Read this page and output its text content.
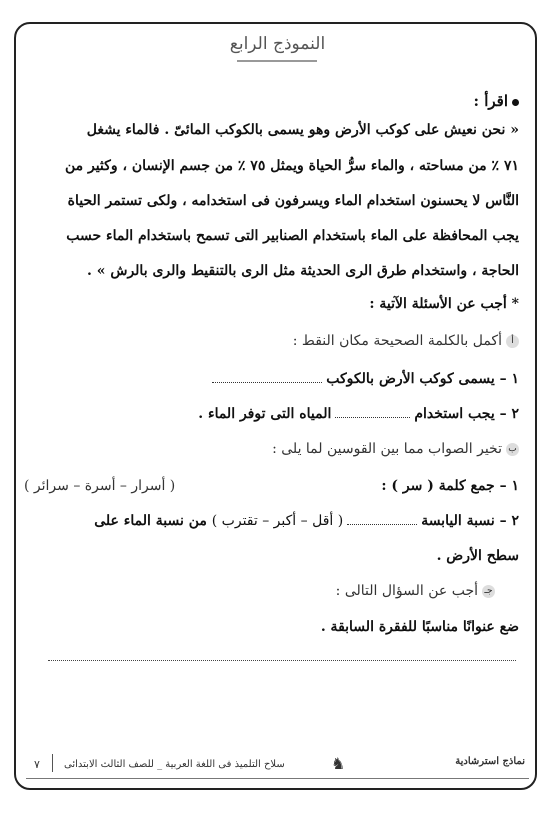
النموذج الرابع
اقرأ :
« نحن نعيش على كوكب الأرض وهو يسمى بالكوكب المائىّ . فالماء يشغل
٧١ ٪ من مساحته ، والماء سرُّ الحياة ويمثل ٧٥ ٪ من جسم الإنسان ، وكثير من
النَّاس لا يحسنون استخدام الماء ويسرفون فى استخدامه ، ولكى تستمر الحياة
يجب المحافظة على الماء باستخدام الصنابير التى تسمح باستخدام الماء حسب
الحاجة ، واستخدام طرق الرى الحديثة مثل الرى بالتنقيط والرى بالرش » .
* أجب عن الأسئلة الآتية :
أأكمل بالكلمة الصحيحة مكان النقط :
١ – يسمى كوكب الأرض بالكوكب
٢ – يجب استخدامالمياه التى توفر الماء .
بتخير الصواب مما بين القوسين لما يلى :
١ – جمع كلمة ( سر ) :
( أسرار – أسرة – سرائر )
٢ – نسبة اليابسة( أقل – أكبر – تقترب ) من نسبة الماء على
سطح الأرض .
جـأجب عن السؤال التالى :
ضع عنوانًا مناسبًا للفقرة السابقة .
٧ سلاح التلميذ فى اللغة العربية _ للصف الثالث الابتدائى	♞	نماذج استرشادية
